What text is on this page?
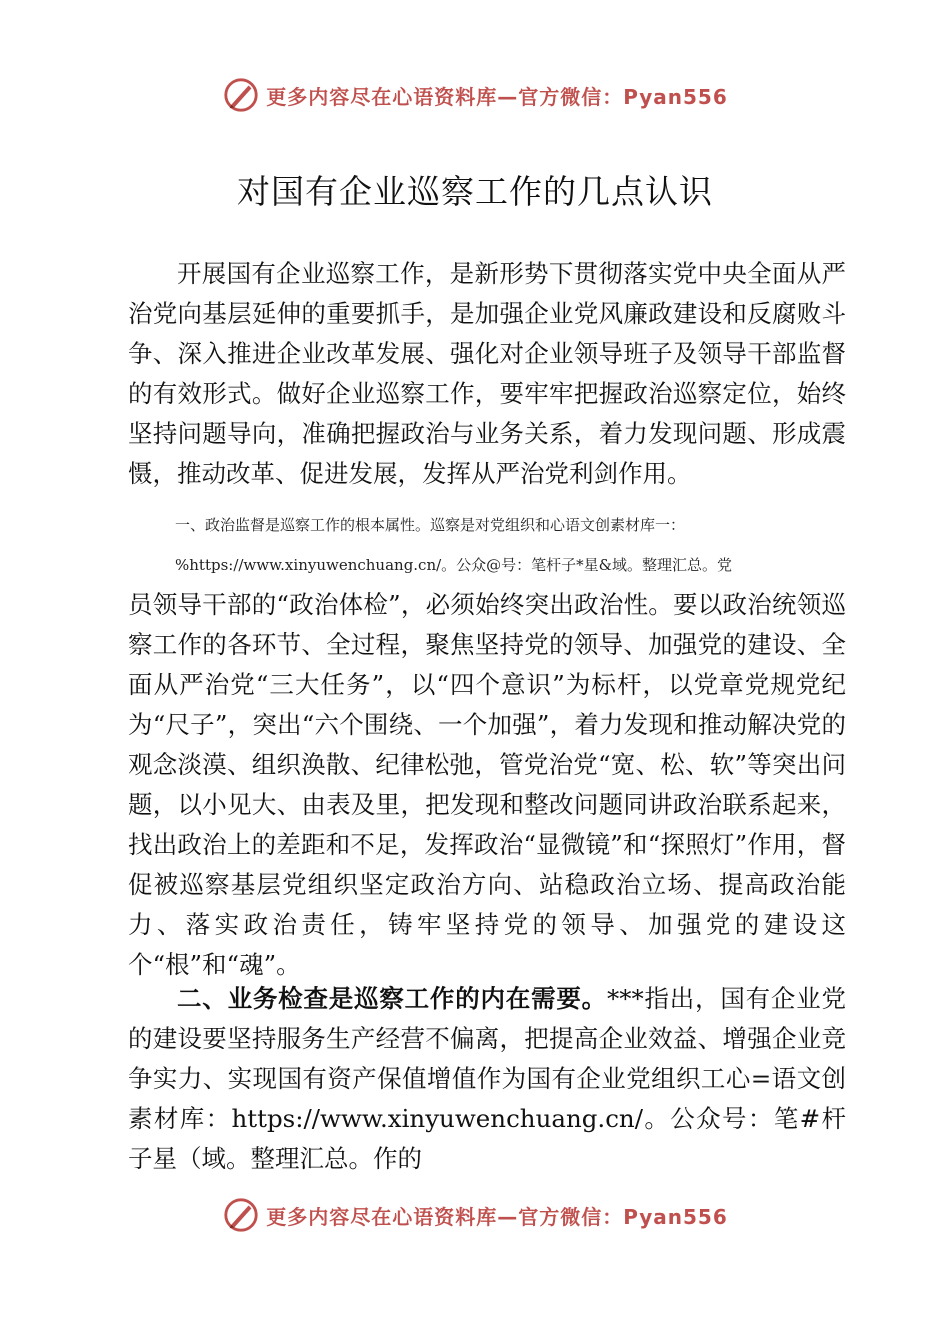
更多内容尽在心语资料库—官方微信：Pyan556
对国有企业巡察工作的几点认识

开展国有企业巡察工作，是新形势下贯彻落实党中央全面从严治党向基层延伸的重要抓手，是加强企业党风廉政建设和反腐败斗争、深入推进企业改革发展、强化对企业领导班子及领导干部监督的有效形式。做好企业巡察工作，要牢牢把握政治巡察定位，始终坚持问题导向，准确把握政治与业务关系，着力发现问题、形成震慑，推动改革、促进发展，发挥从严治党利剑作用。

一、政治监督是巡察工作的根本属性。巡察是对党组织和心语文创素材库一：

%https://www.xinyuwenchuang.cn/。公众@号：笔杆子*星&域。整理汇总。党

员领导干部的“政治体检”，必须始终突出政治性。要以政治统领巡察工作的各环节、全过程，聚焦坚持党的领导、加强党的建设、全面从严治党“三大任务”，以“四个意识”为标杆，以党章党规党纪为“尺子”，突出“六个围绕、一个加强”，着力发现和推动解决党的观念淡漠、组织涣散、纪律松弛，管党治党“宽、松、软”等突出问题，以小见大、由表及里，把发现和整改问题同讲政治联系起来，找出政治上的差距和不足，发挥政治“显微镜”和“探照灯”作用，督促被巡察基层党组织坚定政治方向、站稳政治立场、提高政治能力、落实政治责任，铸牢坚持党的领导、加强党的建设这个“根”和“魂”。

二、业务检查是巡察工作的内在需要。***指出，国有企业党的建设要坚持服务生产经营不偏离，把提高企业效益、增强企业竞争实力、实现国有资产保值增值作为国有企业党组织工心=语文创素材库：https://www.xinyuwenchuang.cn/。公众号：笔#杆子星（域。整理汇总。作的

更多内容尽在心语资料库—官方微信：Pyan556
